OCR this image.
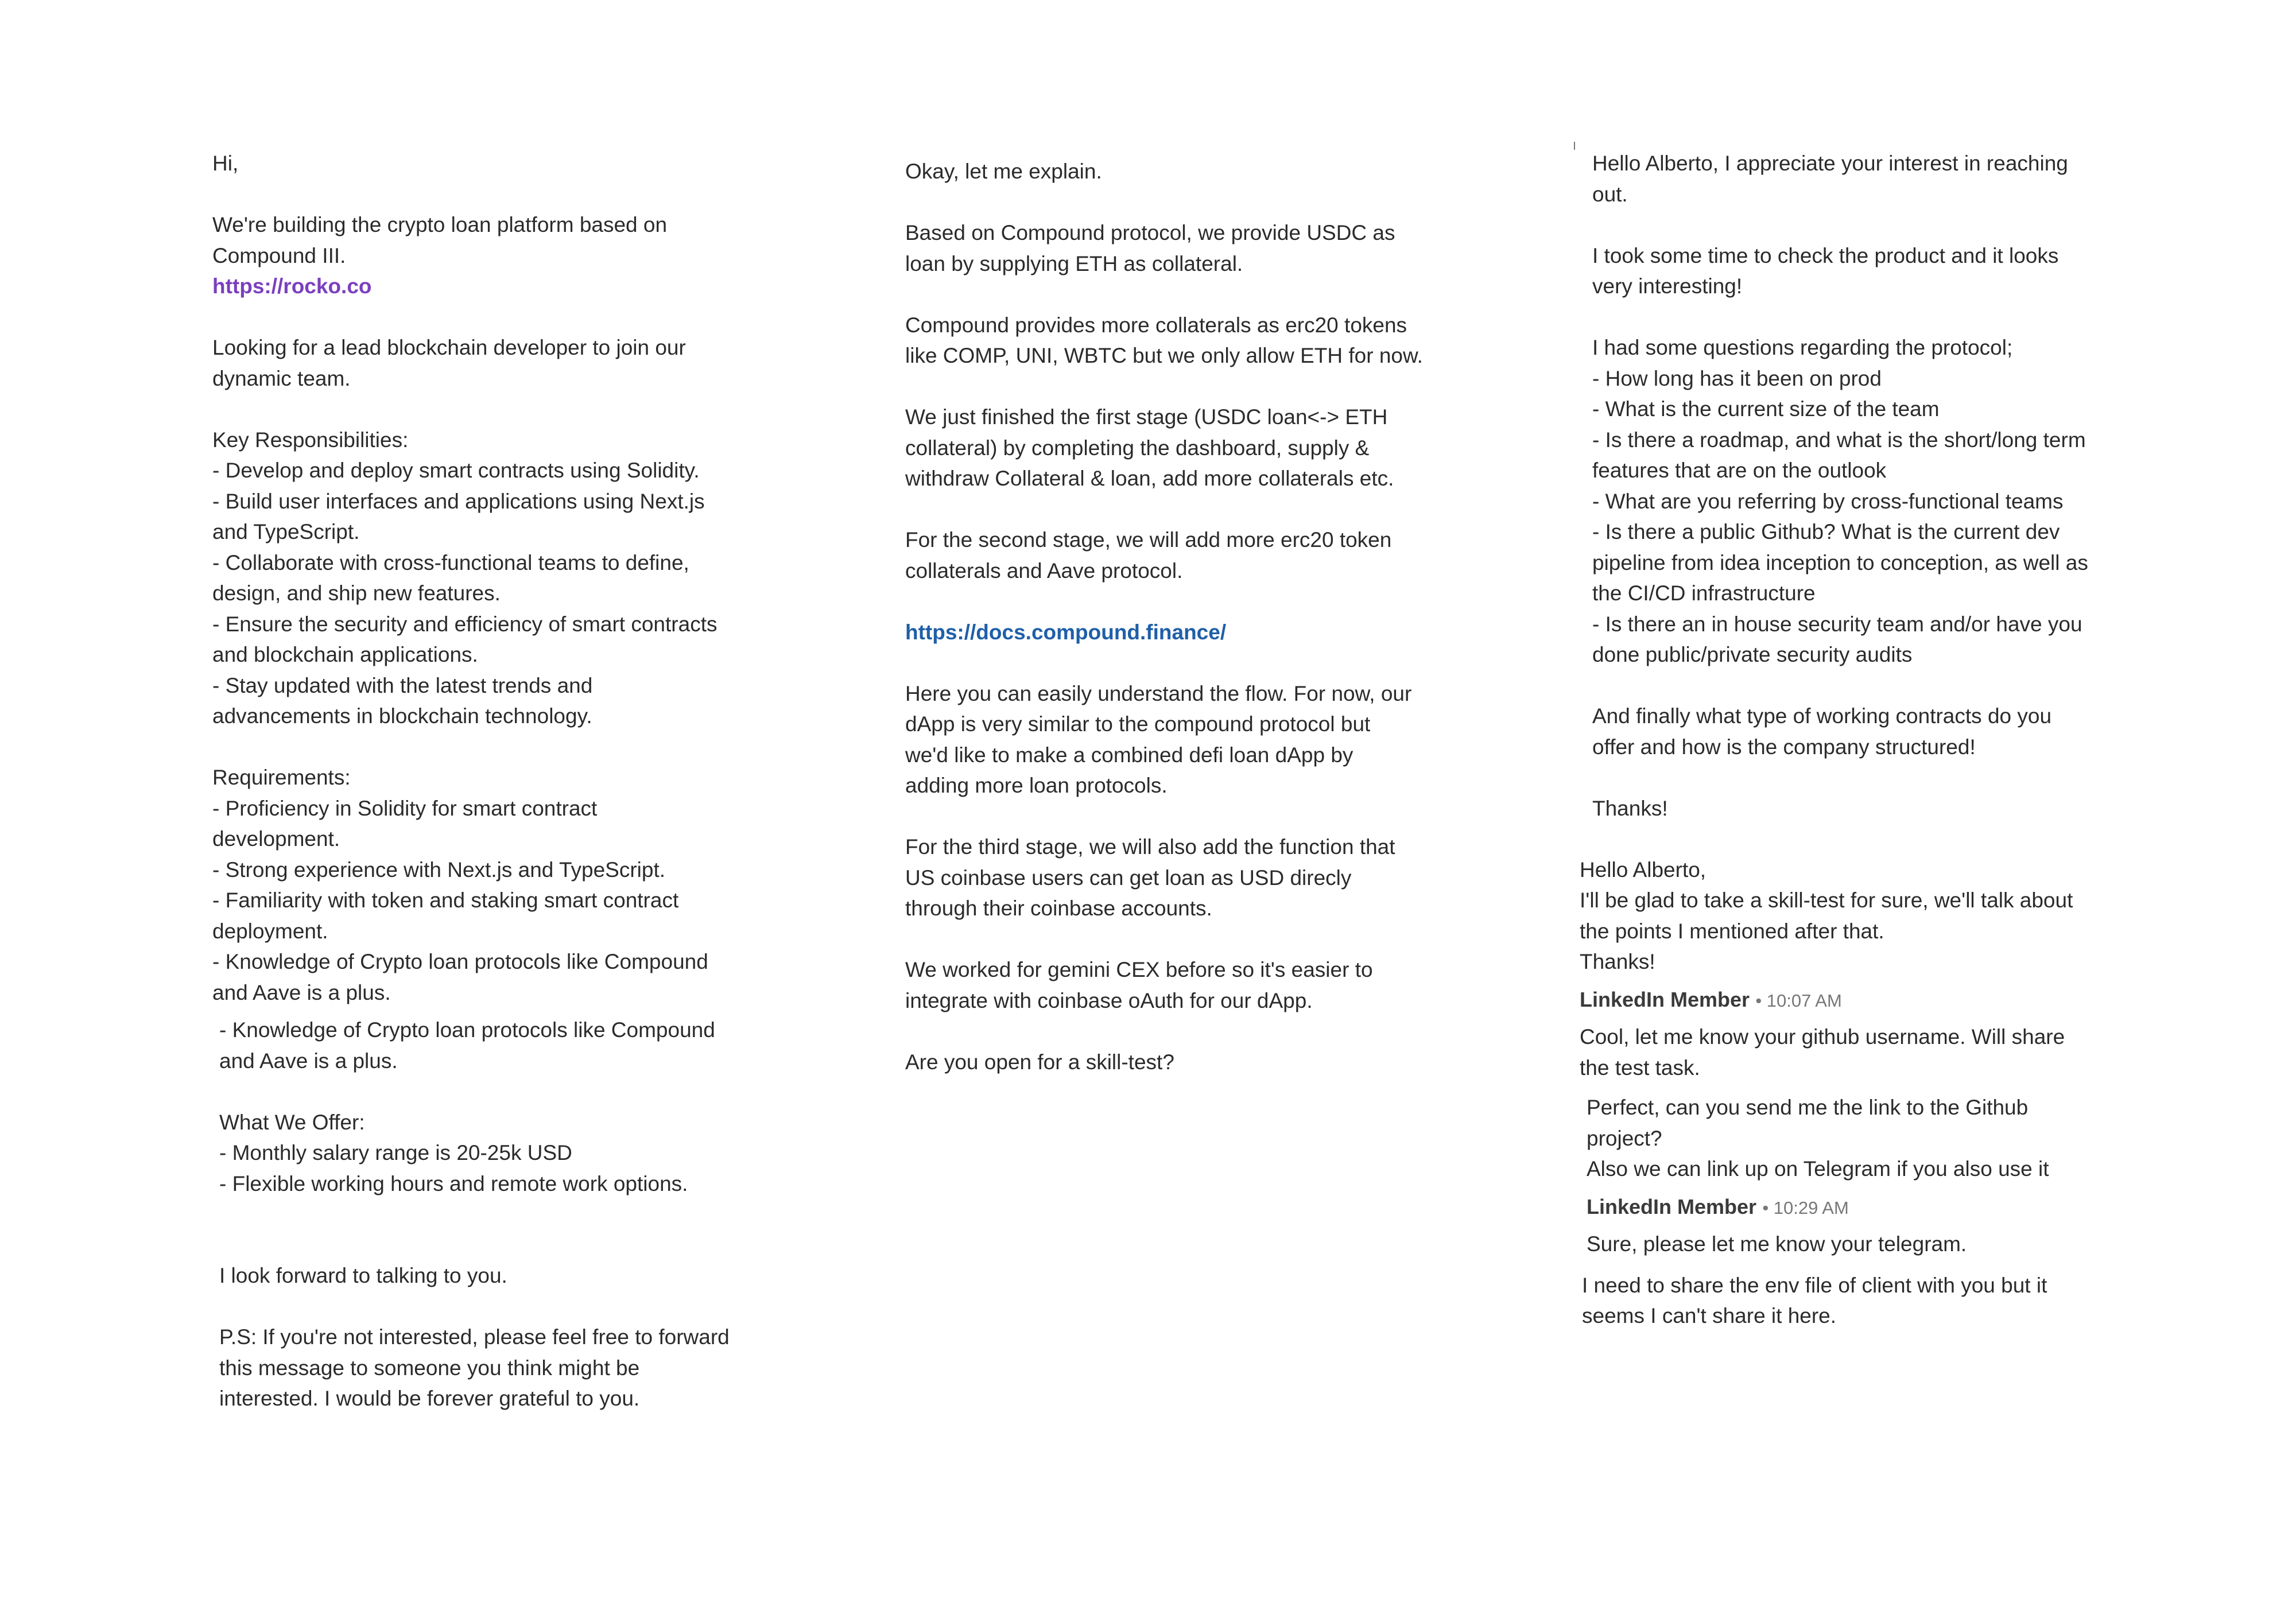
Hi,
We're building the crypto loan platform based on
Compound III.
https://rocko.co
Looking for a lead blockchain developer to join our
dynamic team.
Key Responsibilities:
- Develop and deploy smart contracts using Solidity.
- Build user interfaces and applications using Next.js
and TypeScript.
- Collaborate with cross-functional teams to define,
design, and ship new features.
- Ensure the security and efficiency of smart contracts
and blockchain applications.
- Stay updated with the latest trends and
advancements in blockchain technology.
Requirements:
- Proficiency in Solidity for smart contract
development.
- Strong experience with Next.js and TypeScript.
- Familiarity with token and staking smart contract
deployment.
- Knowledge of Crypto loan protocols like Compound
and Aave is a plus.
- Knowledge of Crypto loan protocols like Compound
and Aave is a plus.
What We Offer:
- Monthly salary range is 20-25k USD
- Flexible working hours and remote work options.
I look forward to talking to you.
P.S: If you're not interested, please feel free to forward
this message to someone you think might be
interested. I would be forever grateful to you.
Okay, let me explain.
Based on Compound protocol, we provide USDC as
loan by supplying ETH as collateral.
Compound provides more collaterals as erc20 tokens
like COMP, UNI, WBTC but we only allow ETH for now.
We just finished the first stage (USDC loan<-> ETH
collateral) by completing the dashboard, supply &
withdraw Collateral & loan, add more collaterals etc.
For the second stage, we will add more erc20 token
collaterals and Aave protocol.
https://docs.compound.finance/
Here you can easily understand the flow. For now, our
dApp is very similar to the compound protocol but
we'd like to make a combined defi loan dApp by
adding more loan protocols.
For the third stage, we will also add the function that
US coinbase users can get loan as USD direcly
through their coinbase accounts.
We worked for gemini CEX before so it's easier to
integrate with coinbase oAuth for our dApp.
Are you open for a skill-test?
Hello Alberto, I appreciate your interest in reaching
out.
I took some time to check the product and it looks
very interesting!
I had some questions regarding the protocol;
- How long has it been on prod
- What is the current size of the team
- Is there a roadmap, and what is the short/long term
features that are on the outlook
- What are you referring by cross-functional teams
- Is there a public Github? What is the current dev
pipeline from idea inception to conception, as well as
the CI/CD infrastructure
- Is there an in house security team and/or have you
done public/private security audits
And finally what type of working contracts do you
offer and how is the company structured!
Thanks!
Hello Alberto,
I'll be glad to take a skill-test for sure, we'll talk about
the points I mentioned after that.
Thanks!
LinkedIn Member • 10:07 AM
Cool, let me know your github username. Will share
the test task.
Perfect, can you send me the link to the Github
project?
Also we can link up on Telegram if you also use it
LinkedIn Member • 10:29 AM
Sure, please let me know your telegram.
I need to share the env file of client with you but it
seems I can't share it here.
